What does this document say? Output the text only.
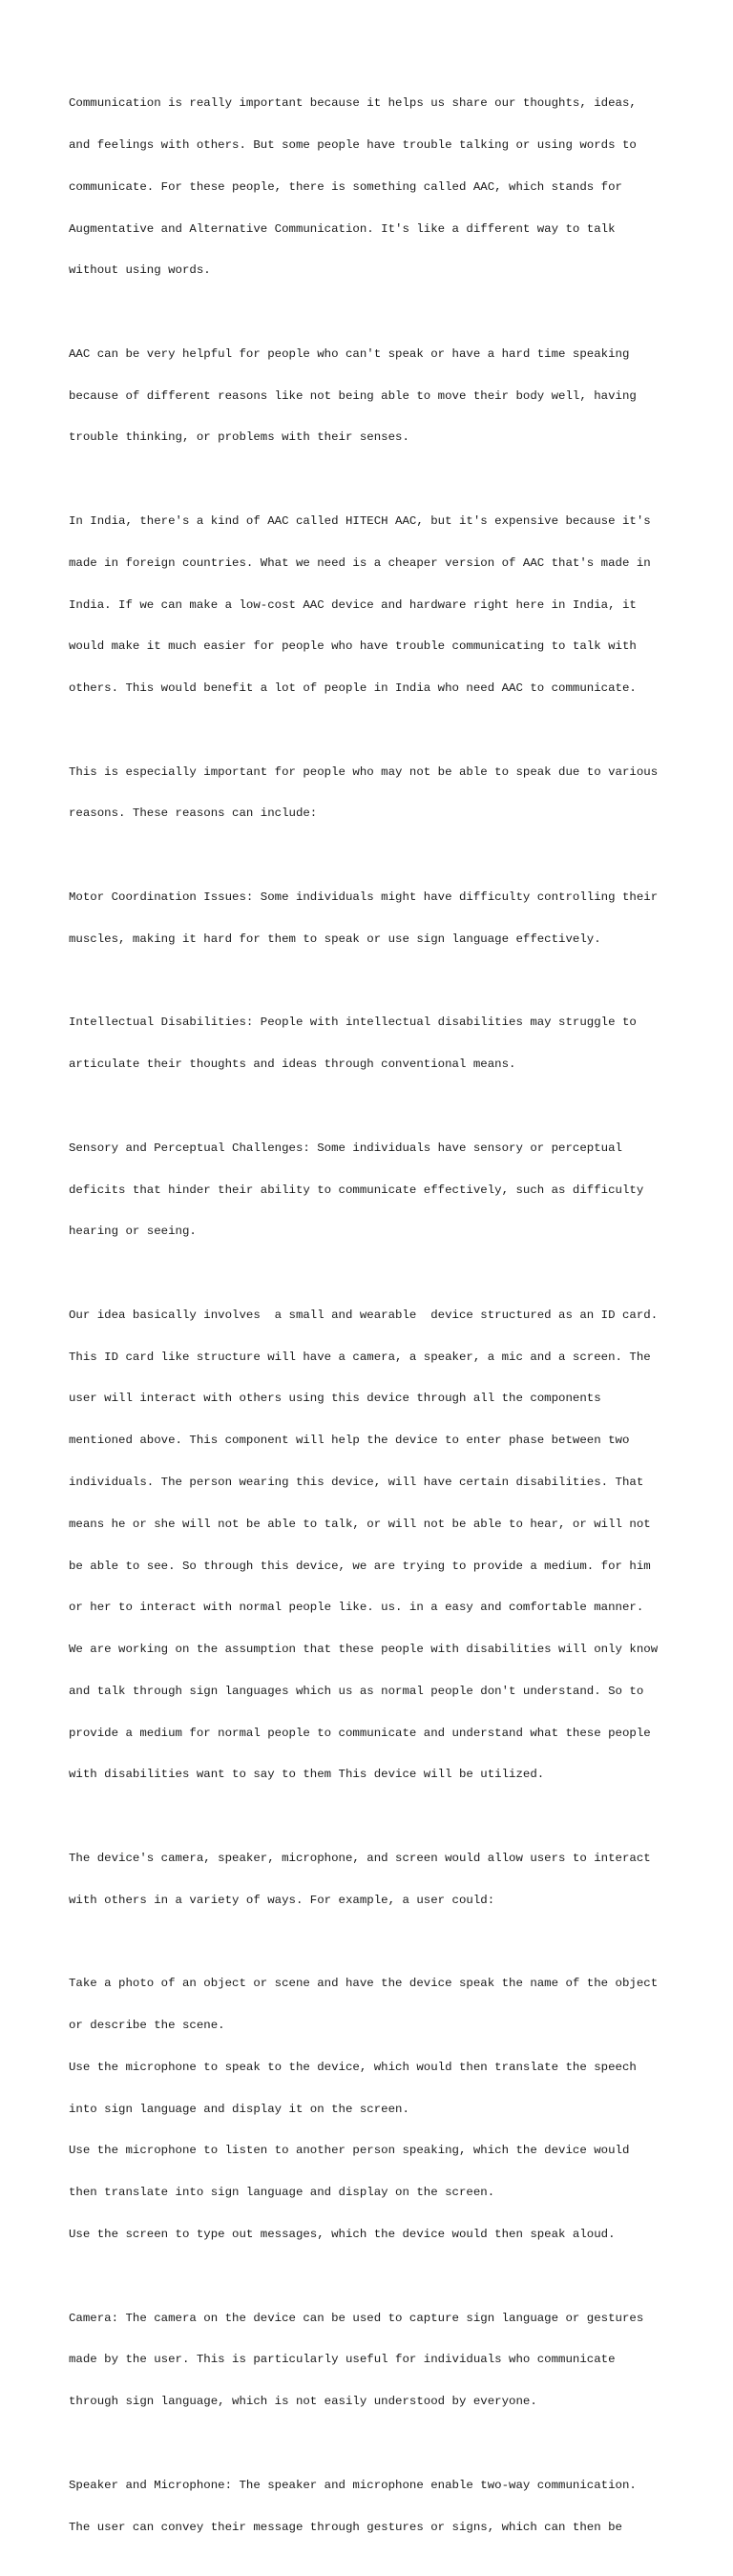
Communication is really important because it helps us share our thoughts, ideas,

and feelings with others. But some people have trouble talking or using words to

communicate. For these people, there is something called AAC, which stands for

Augmentative and Alternative Communication. It's like a different way to talk

without using words.

AAC can be very helpful for people who can't speak or have a hard time speaking

because of different reasons like not being able to move their body well, having

trouble thinking, or problems with their senses.

In India, there's a kind of AAC called HITECH AAC, but it's expensive because it's

made in foreign countries. What we need is a cheaper version of AAC that's made in

India. If we can make a low-cost AAC device and hardware right here in India, it

would make it much easier for people who have trouble communicating to talk with

others. This would benefit a lot of people in India who need AAC to communicate.

This is especially important for people who may not be able to speak due to various

reasons. These reasons can include:

Motor Coordination Issues: Some individuals might have difficulty controlling their

muscles, making it hard for them to speak or use sign language effectively.

Intellectual Disabilities: People with intellectual disabilities may struggle to

articulate their thoughts and ideas through conventional means.

Sensory and Perceptual Challenges: Some individuals have sensory or perceptual

deficits that hinder their ability to communicate effectively, such as difficulty

hearing or seeing.

Our idea basically involves  a small and wearable  device structured as an ID card.

This ID card like structure will have a camera, a speaker, a mic and a screen. The

user will interact with others using this device through all the components

mentioned above. This component will help the device to enter phase between two

individuals. The person wearing this device, will have certain disabilities. That

means he or she will not be able to talk, or will not be able to hear, or will not

be able to see. So through this device, we are trying to provide a medium. for him

or her to interact with normal people like. us. in a easy and comfortable manner.

We are working on the assumption that these people with disabilities will only know

and talk through sign languages which us as normal people don't understand. So to

provide a medium for normal people to communicate and understand what these people

with disabilities want to say to them This device will be utilized.

The device's camera, speaker, microphone, and screen would allow users to interact

with others in a variety of ways. For example, a user could:

Take a photo of an object or scene and have the device speak the name of the object

or describe the scene.

Use the microphone to speak to the device, which would then translate the speech

into sign language and display it on the screen.

Use the microphone to listen to another person speaking, which the device would

then translate into sign language and display on the screen.

Use the screen to type out messages, which the device would then speak aloud.

Camera: The camera on the device can be used to capture sign language or gestures

made by the user. This is particularly useful for individuals who communicate

through sign language, which is not easily understood by everyone.

Speaker and Microphone: The speaker and microphone enable two-way communication.

The user can convey their message through gestures or signs, which can then be
